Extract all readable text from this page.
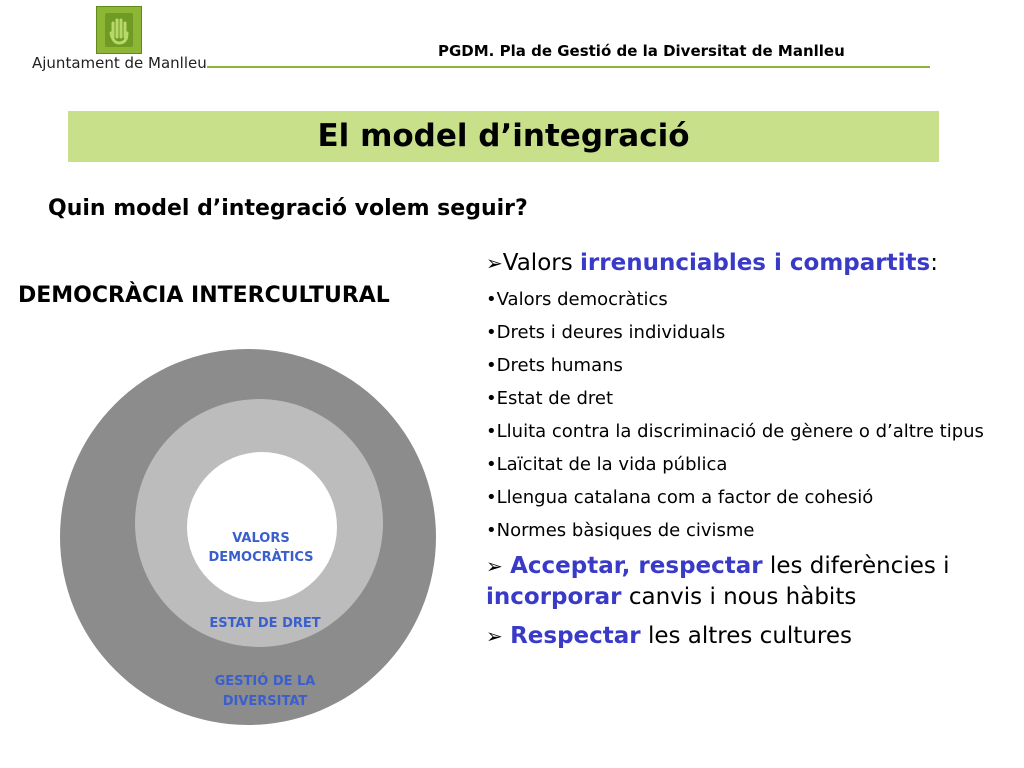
Ajuntament de Manlleu
PGDM. Pla de Gestió de la Diversitat de Manlleu
El model d’integració
Quin model d’integració volem seguir?
DEMOCRÀCIA INTERCULTURAL
VALORS
DEMOCRÀTICS
ESTAT DE DRET
GESTIÓ DE LA
DIVERSITAT

➢Valors irrenunciables i compartits:

•Valors democràtics
•Drets i deures individuals
•Drets humans
•Estat de dret
•Lluita contra la discriminació de gènere o d’altre tipus
•Laïcitat de la vida pública
•Llengua catalana com a factor de cohesió
•Normes bàsiques de civisme

➢ Acceptar, respectar les diferències i incorporar canvis i nous hàbits

➢ Respectar les altres cultures
